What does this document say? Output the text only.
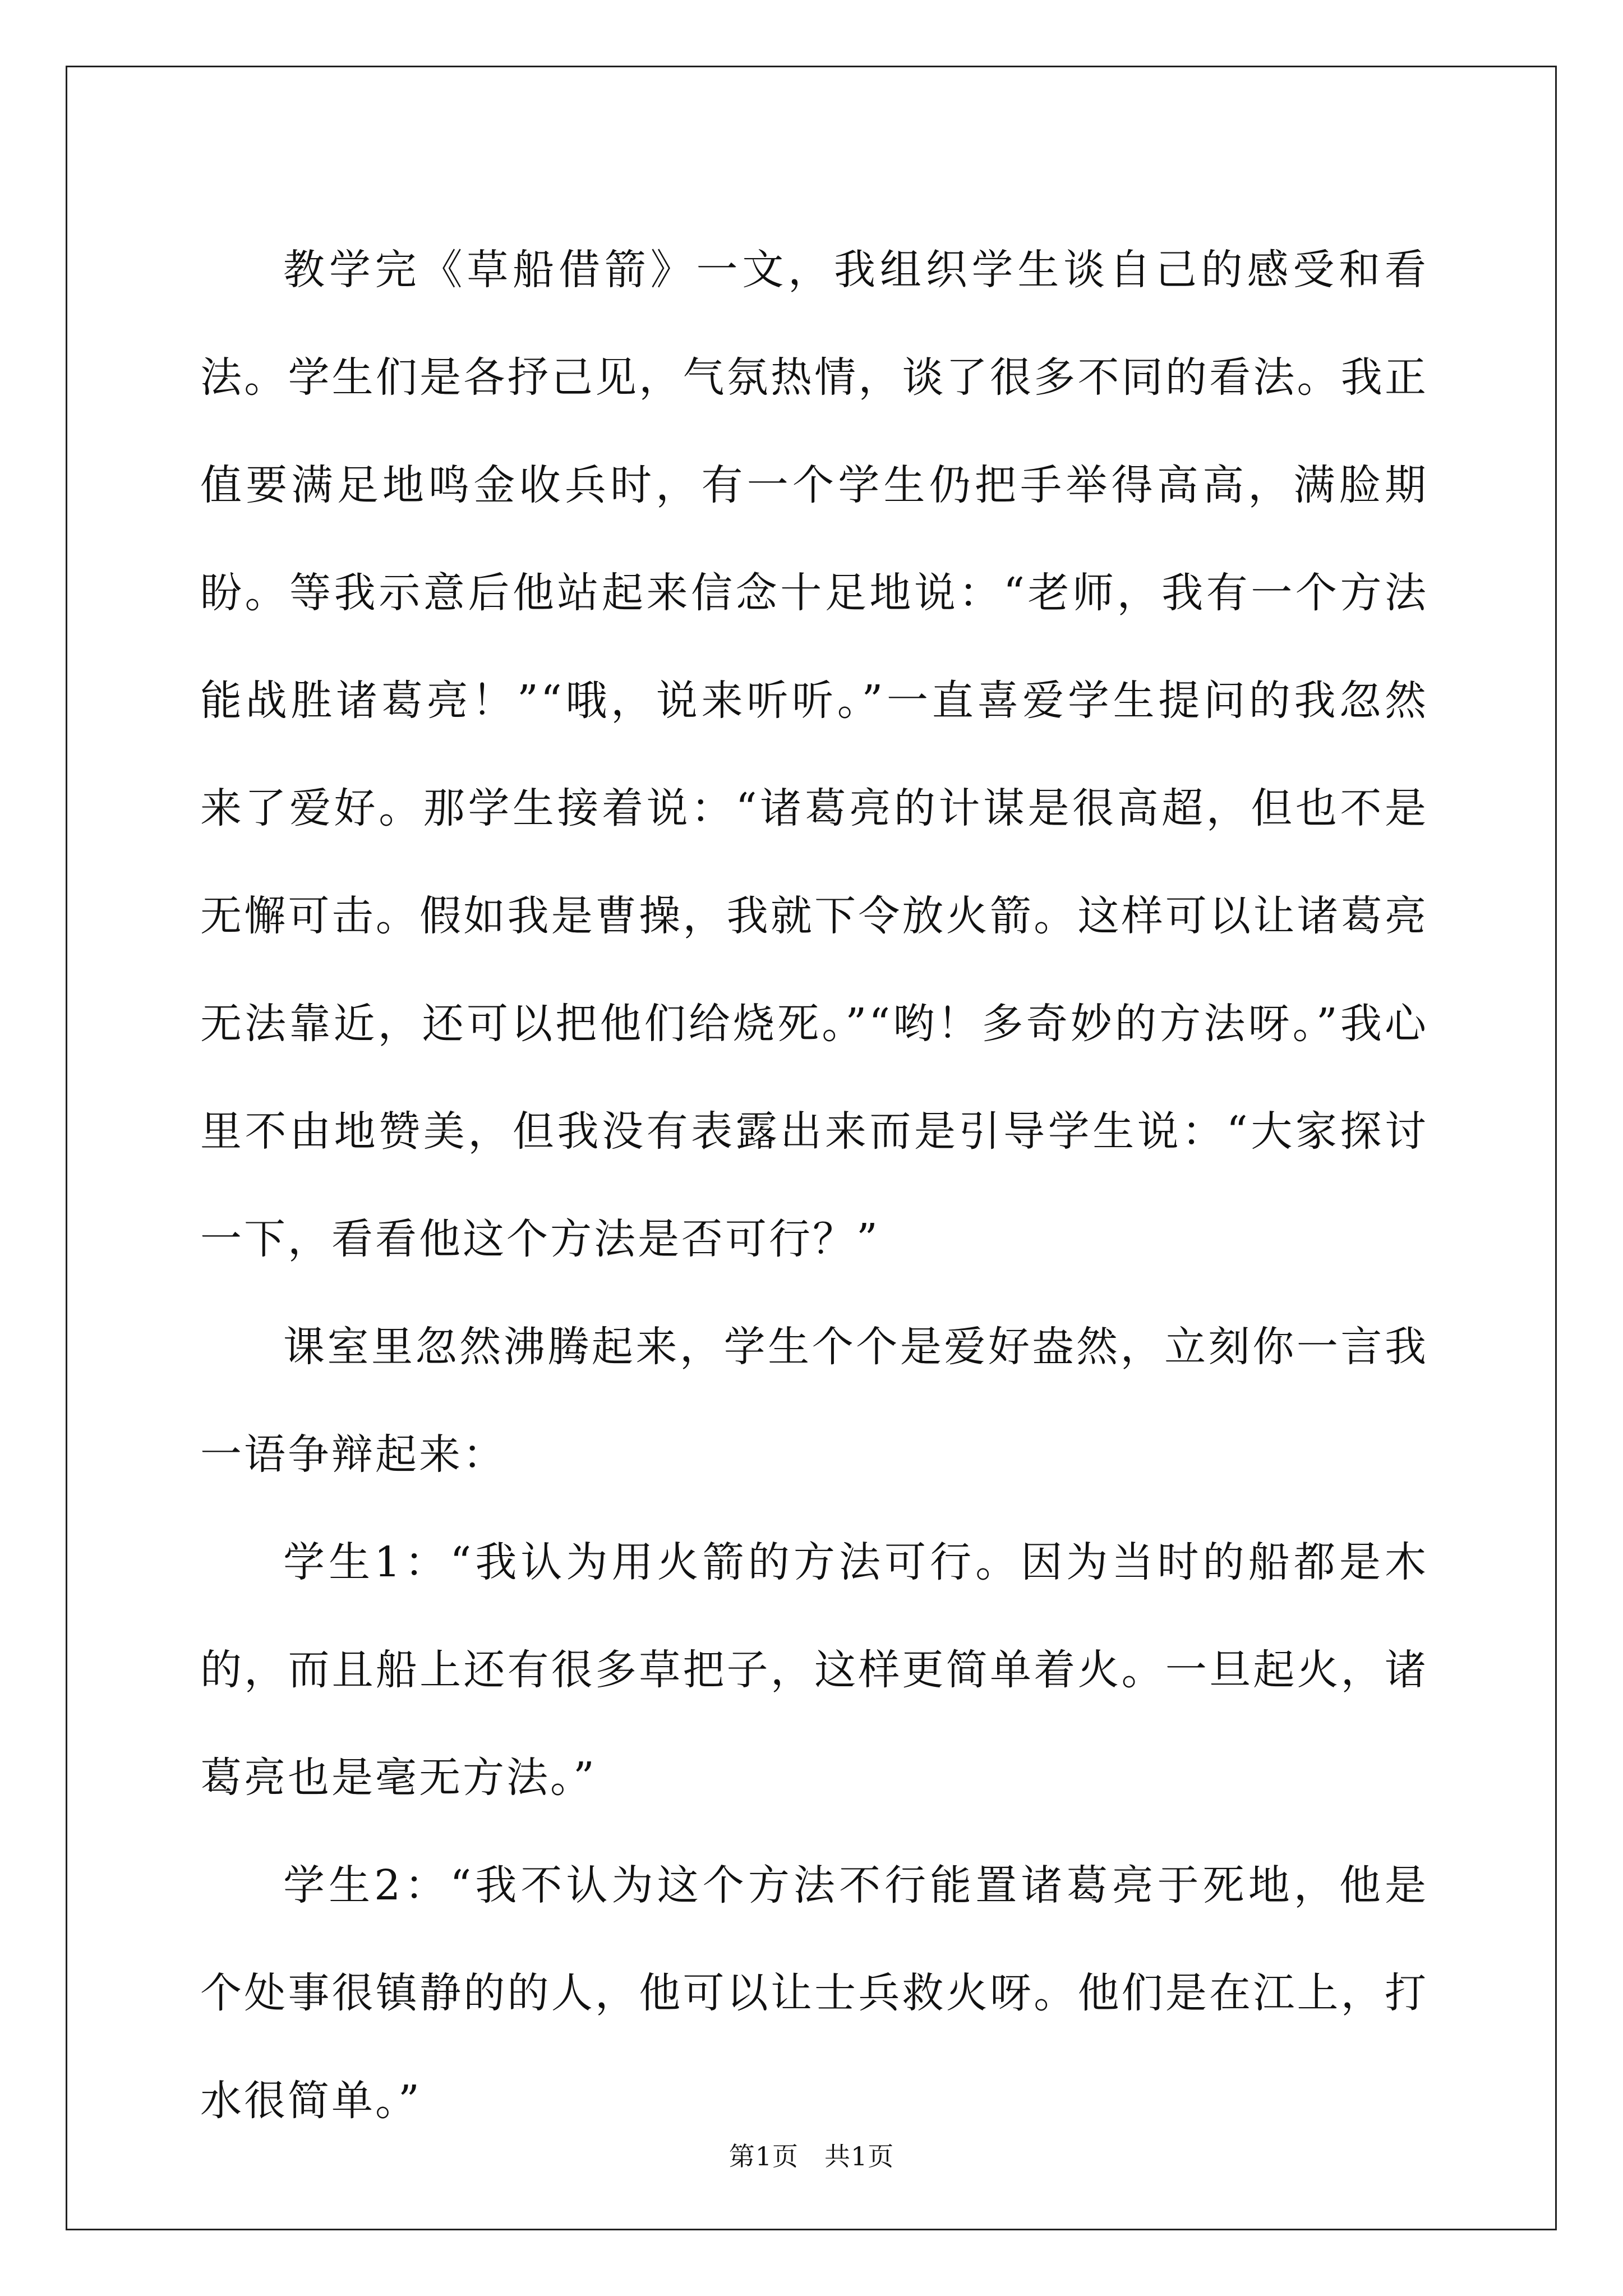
教学完《草船借箭》一文，我组织学生谈自己的感受和看法。学生们是各抒己见，气氛热情，谈了很多不同的看法。我正值要满足地鸣金收兵时，有一个学生仍把手举得高高，满脸期盼。等我示意后他站起来信念十足地说：“老师，我有一个方法能战胜诸葛亮！”“哦，说来听听。”一直喜爱学生提问的我忽然来了爱好。那学生接着说：“诸葛亮的计谋是很高超，但也不是无懈可击。假如我是曹操，我就下令放火箭。这样可以让诸葛亮无法靠近，还可以把他们给烧死。”“哟！多奇妙的方法呀。”我心里不由地赞美，但我没有表露出来而是引导学生说：“大家探讨一下，看看他这个方法是否可行？”

课室里忽然沸腾起来，学生个个是爱好盎然，立刻你一言我一语争辩起来：

学生1：“我认为用火箭的方法可行。因为当时的船都是木的，而且船上还有很多草把子，这样更简单着火。一旦起火，诸葛亮也是毫无方法。”

学生2：“我不认为这个方法不行能置诸葛亮于死地，他是个处事很镇静的的人，他可以让士兵救火呀。他们是在江上，打水很简单。”

第1页 共1页
